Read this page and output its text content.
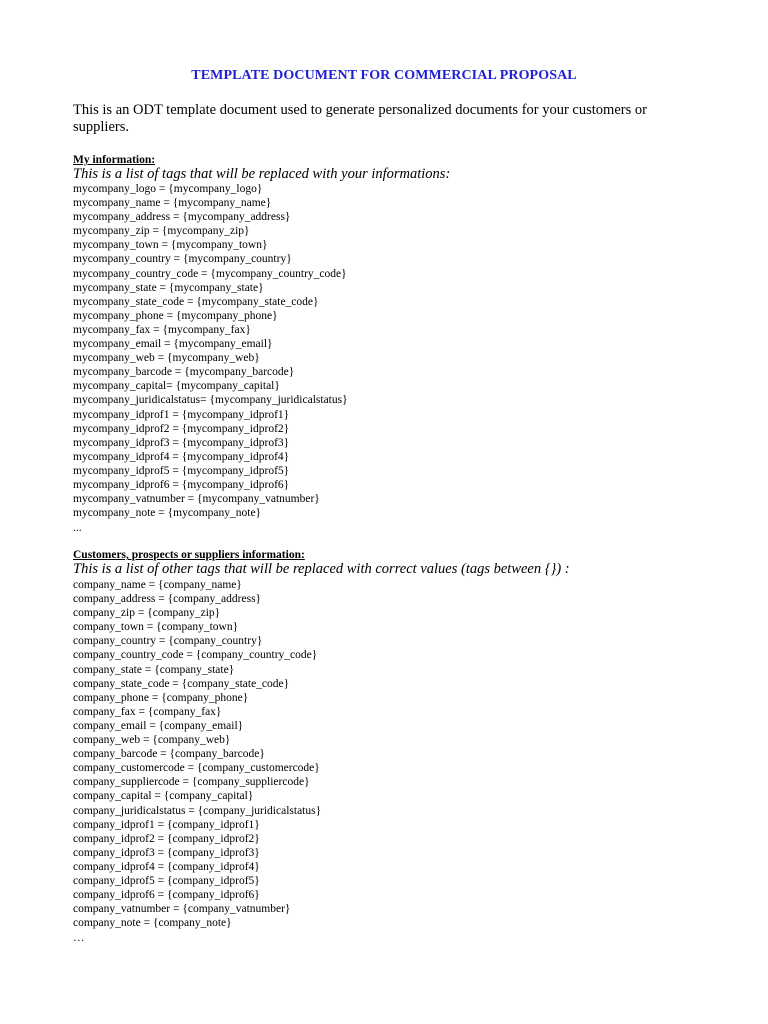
TEMPLATE DOCUMENT FOR COMMERCIAL PROPOSAL
This is an ODT template document used to generate personalized documents for your customers or suppliers.
My information:
This is a list of tags that will be replaced with your informations:
mycompany_logo = {mycompany_logo}
mycompany_name = {mycompany_name}
mycompany_address = {mycompany_address}
mycompany_zip = {mycompany_zip}
mycompany_town = {mycompany_town}
mycompany_country = {mycompany_country}
mycompany_country_code = {mycompany_country_code}
mycompany_state = {mycompany_state}
mycompany_state_code = {mycompany_state_code}
mycompany_phone = {mycompany_phone}
mycompany_fax = {mycompany_fax}
mycompany_email = {mycompany_email}
mycompany_web = {mycompany_web}
mycompany_barcode = {mycompany_barcode}
mycompany_capital= {mycompany_capital}
mycompany_juridicalstatus= {mycompany_juridicalstatus}
mycompany_idprof1 = {mycompany_idprof1}
mycompany_idprof2 = {mycompany_idprof2}
mycompany_idprof3 = {mycompany_idprof3}
mycompany_idprof4 = {mycompany_idprof4}
mycompany_idprof5 = {mycompany_idprof5}
mycompany_idprof6 = {mycompany_idprof6}
mycompany_vatnumber = {mycompany_vatnumber}
mycompany_note = {mycompany_note}
...
Customers, prospects or suppliers information:
This is a list of other tags that will be replaced with correct values (tags between {}) :
company_name = {company_name}
company_address = {company_address}
company_zip = {company_zip}
company_town = {company_town}
company_country = {company_country}
company_country_code = {company_country_code}
company_state = {company_state}
company_state_code = {company_state_code}
company_phone = {company_phone}
company_fax = {company_fax}
company_email = {company_email}
company_web = {company_web}
company_barcode = {company_barcode}
company_customercode = {company_customercode}
company_suppliercode = {company_suppliercode}
company_capital = {company_capital}
company_juridicalstatus = {company_juridicalstatus}
company_idprof1 = {company_idprof1}
company_idprof2 = {company_idprof2}
company_idprof3 = {company_idprof3}
company_idprof4 = {company_idprof4}
company_idprof5 = {company_idprof5}
company_idprof6 = {company_idprof6}
company_vatnumber = {company_vatnumber}
company_note = {company_note}
…
